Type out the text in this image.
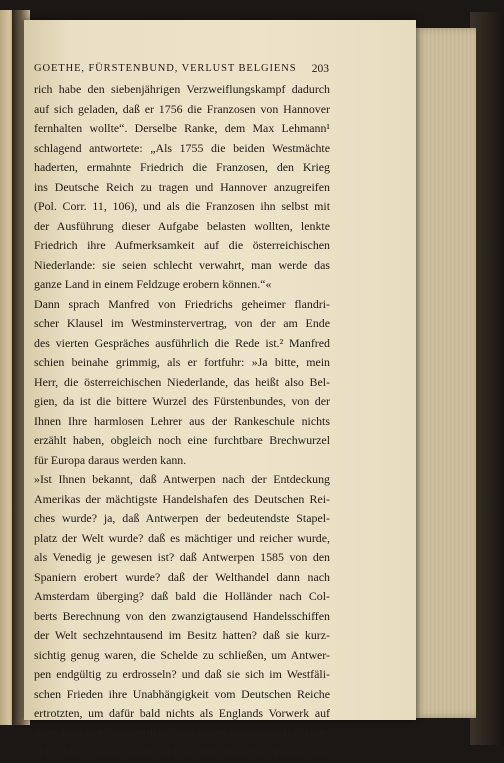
GOETHE, FÜRSTENBUND, VERLUST BELGIENS	203
rich habe den siebenjährigen Verzweiflungskampf dadurch
auf sich geladen, daß er 1756 die Franzosen von Hannover
fernhalten wollte“. Derselbe Ranke, dem Max Lehmann¹
schlagend antwortete: „Als 1755 die beiden Westmächte
haderten, ermahnte Friedrich die Franzosen, den Krieg
ins Deutsche Reich zu tragen und Hannover anzugreifen
(Pol. Corr. 11, 106), und als die Franzosen ihn selbst mit
der Ausführung dieser Aufgabe belasten wollten, lenkte
Friedrich ihre Aufmerksamkeit auf die österreichischen
Niederlande: sie seien schlecht verwahrt, man werde das
ganze Land in einem Feldzuge erobern können.“«
Dann sprach Manfred von Friedrichs geheimer flandri-
scher Klausel im Westminstervertrag, von der am Ende
des vierten Gespräches ausführlich die Rede ist.² Manfred
schien beinahe grimmig, als er fortfuhr: »Ja bitte, mein
Herr, die österreichischen Niederlande, das heißt also Bel-
gien, da ist die bittere Wurzel des Fürstenbundes, von der
Ihnen Ihre harmlosen Lehrer aus der Rankeschule nichts
erzählt haben, obgleich noch eine furchtbare Brechwurzel
für Europa daraus werden kann.
»Ist Ihnen bekannt, daß Antwerpen nach der Entdeckung
Amerikas der mächtigste Handelshafen des Deutschen Rei-
ches wurde? ja, daß Antwerpen der bedeutendste Stapel-
platz der Welt wurde? daß es mächtiger und reicher wurde,
als Venedig je gewesen ist? daß Antwerpen 1585 von den
Spaniern erobert wurde? daß der Welthandel dann nach
Amsterdam überging? daß bald die Holländer nach Col-
berts Berechnung von den zwanzigtausend Handelsschiffen
der Welt sechzehntausend im Besitz hatten? daß sie kurz-
sichtig genug waren, die Schelde zu schließen, um Antwer-
pen endgültig zu erdrosseln? und daß sie sich im Westfäli-
schen Frieden ihre Unabhängigkeit vom Deutschen Reiche
ertrotzten, um dafür bald nichts als Englands Vorwerk auf
dem Festlande zu werden? daß ihnen dann um ihre Gott-
ähnlichkeit bange wurde und sie den deutschen Kaiser wie-
